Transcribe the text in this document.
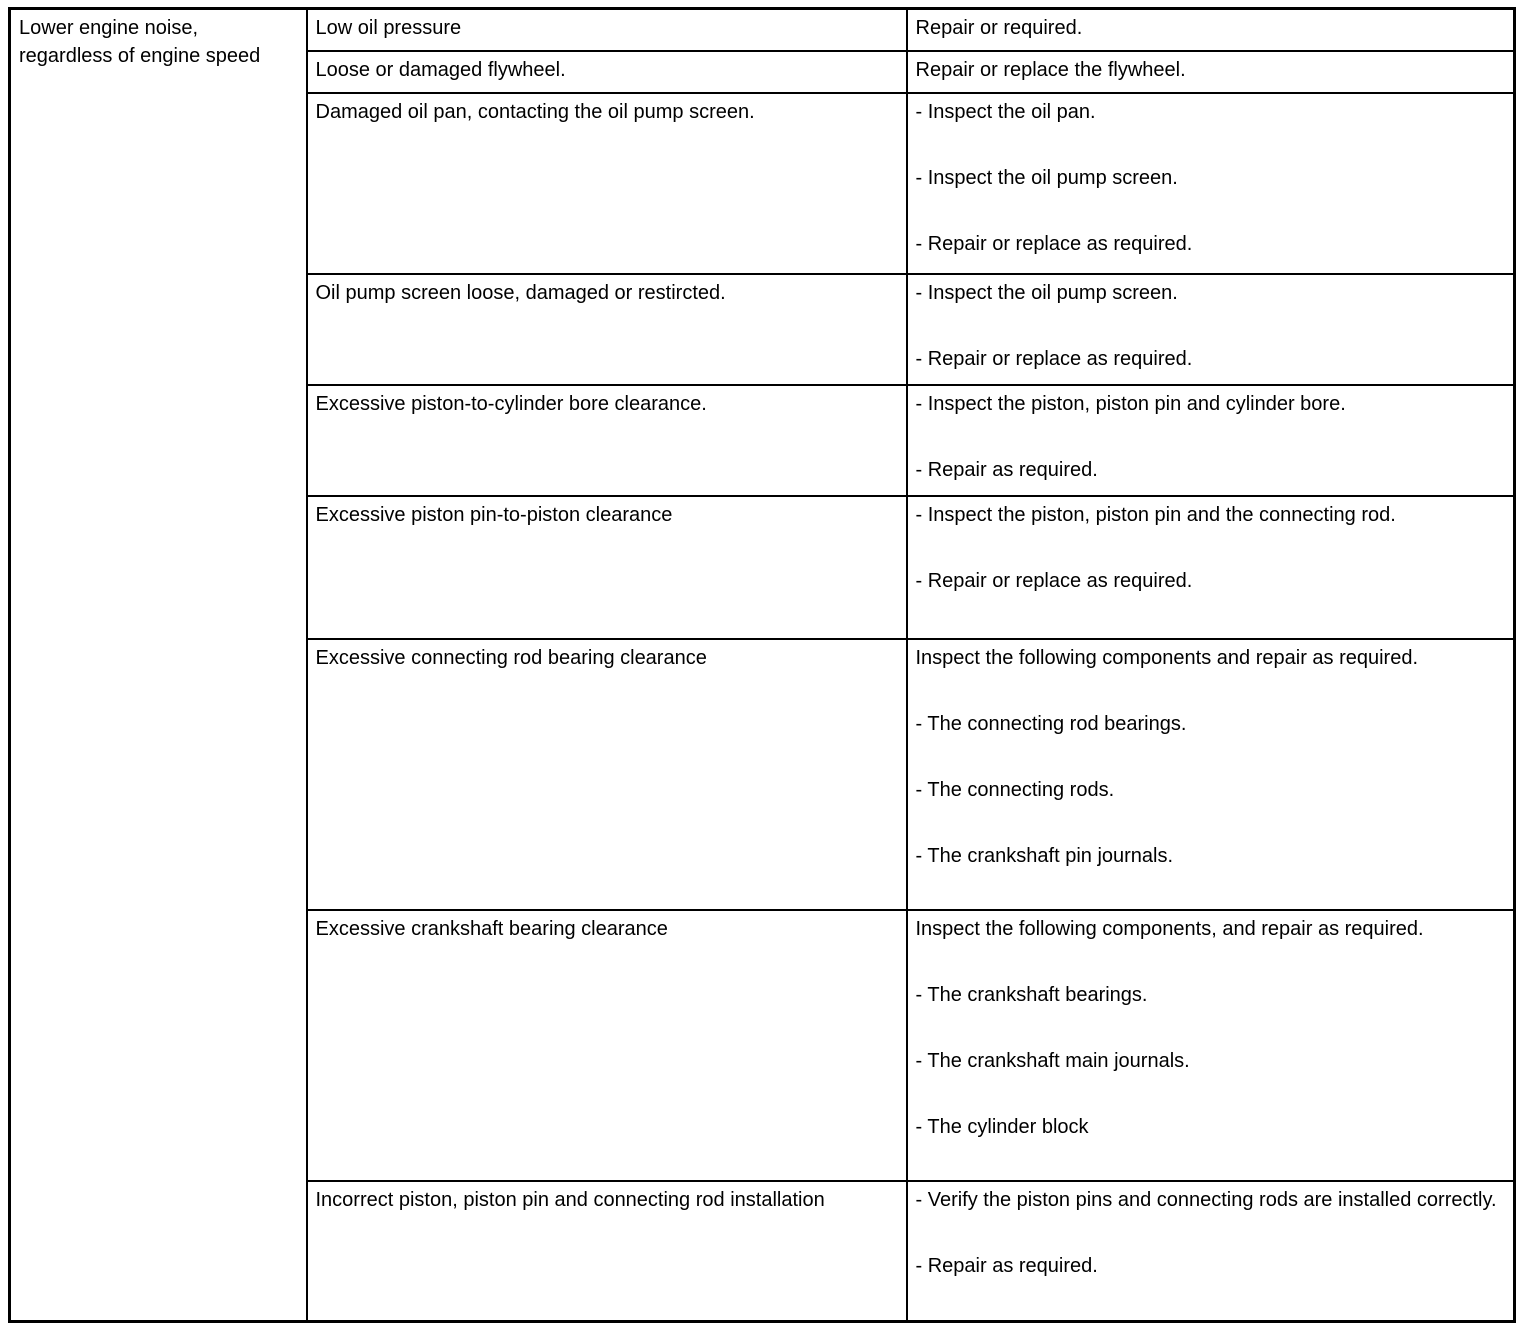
Lower engine noise, regardless of engine speed	Low oil pressure	Repair or required.

	Loose or damaged flywheel.	Repair or replace the flywheel.

	Damaged oil pan, contacting the oil pump screen.	- Inspect the oil pan.

- Inspect the oil pump screen.

- Repair or replace as required.

	Oil pump screen loose, damaged or restircted.	- Inspect the oil pump screen.

- Repair or replace as required.

	Excessive piston-to-cylinder bore clearance.	- Inspect the piston, piston pin and cylinder bore.

- Repair as required.

	Excessive piston pin-to-piston clearance	- Inspect the piston, piston pin and the connecting rod.

- Repair or replace as required.

	Excessive connecting rod bearing clearance	Inspect the following components and repair as required.

- The connecting rod bearings.

- The connecting rods.

- The crankshaft pin journals.

	Excessive crankshaft bearing clearance	Inspect the following components, and repair as required.

- The crankshaft bearings.

- The crankshaft main journals.

- The cylinder block

	Incorrect piston, piston pin and connecting rod installation	- Verify the piston pins and connecting rods are installed correctly.

- Repair as required.
